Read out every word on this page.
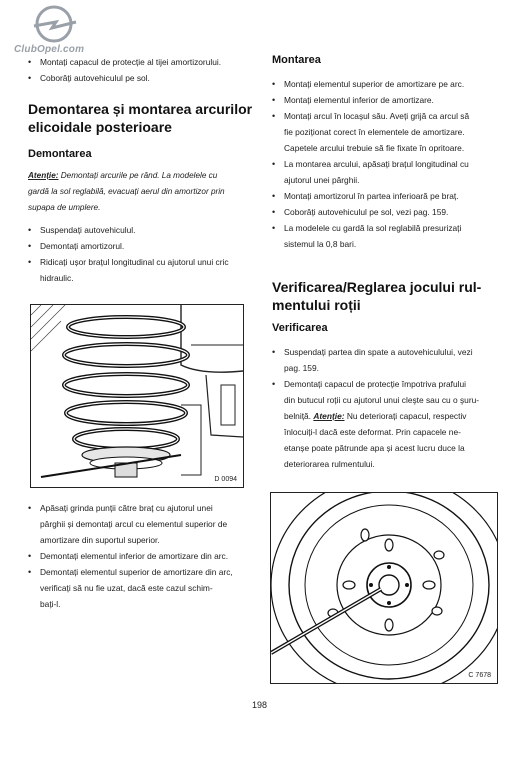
ClubOpel.com
• Montați capacul de protecție al tijei amortizorului.
• Coborâți autovehiculul pe sol.
Demontarea și montarea arcurilor
elicoidale posterioare
Demontarea
Atenție: Demontați arcurile pe rând. La modelele cu
gardă la sol reglabilă, evacuați aerul din amortizor prin
supapa de umplere.
• Suspendați autovehiculul.
• Demontați amortizorul.
• Ridicați ușor brațul longitudinal cu ajutorul unui cric
hidraulic.
D 0094
• Apăsați grinda punții către braț cu ajutorul unei
pârghii și demontați arcul cu elementul superior de
amortizare din suportul superior.
• Demontați elementul inferior de amortizare din arc.
• Demontați elementul superior de amortizare din arc,
verificați să nu fie uzat, dacă este cazul schim-
bați-l.
Montarea
• Montați elementul superior de amortizare pe arc.
• Montați elementul inferior de amortizare.
• Montați arcul în locașul său. Aveți grijă ca arcul să
fie poziționat corect în elementele de amortizare.
Capetele arcului trebuie să fie fixate în opritoare.
• La montarea arcului, apăsați brațul longitudinal cu
ajutorul unei pârghii.
• Montați amortizorul în partea inferioară pe braț.
• Coborâți autovehiculul pe sol, vezi pag. 159.
• La modelele cu gardă la sol reglabilă presurizați
sistemul la 0,8 bari.
Verificarea/Reglarea jocului rul-
mentului roții
Verificarea
• Suspendați partea din spate a autovehiculului, vezi
pag. 159.
• Demontați capacul de protecție împotriva prafului
din butucul roții cu ajutorul unui cleşte sau cu o şuru-
belniță. Atenție: Nu deteriorați capacul, respectiv
înlocuiți-l dacă este deformat. Prin capacele ne-
etanșe poate pătrunde apa și acest lucru duce la
deteriorarea rulmentului.
C 7678
198
